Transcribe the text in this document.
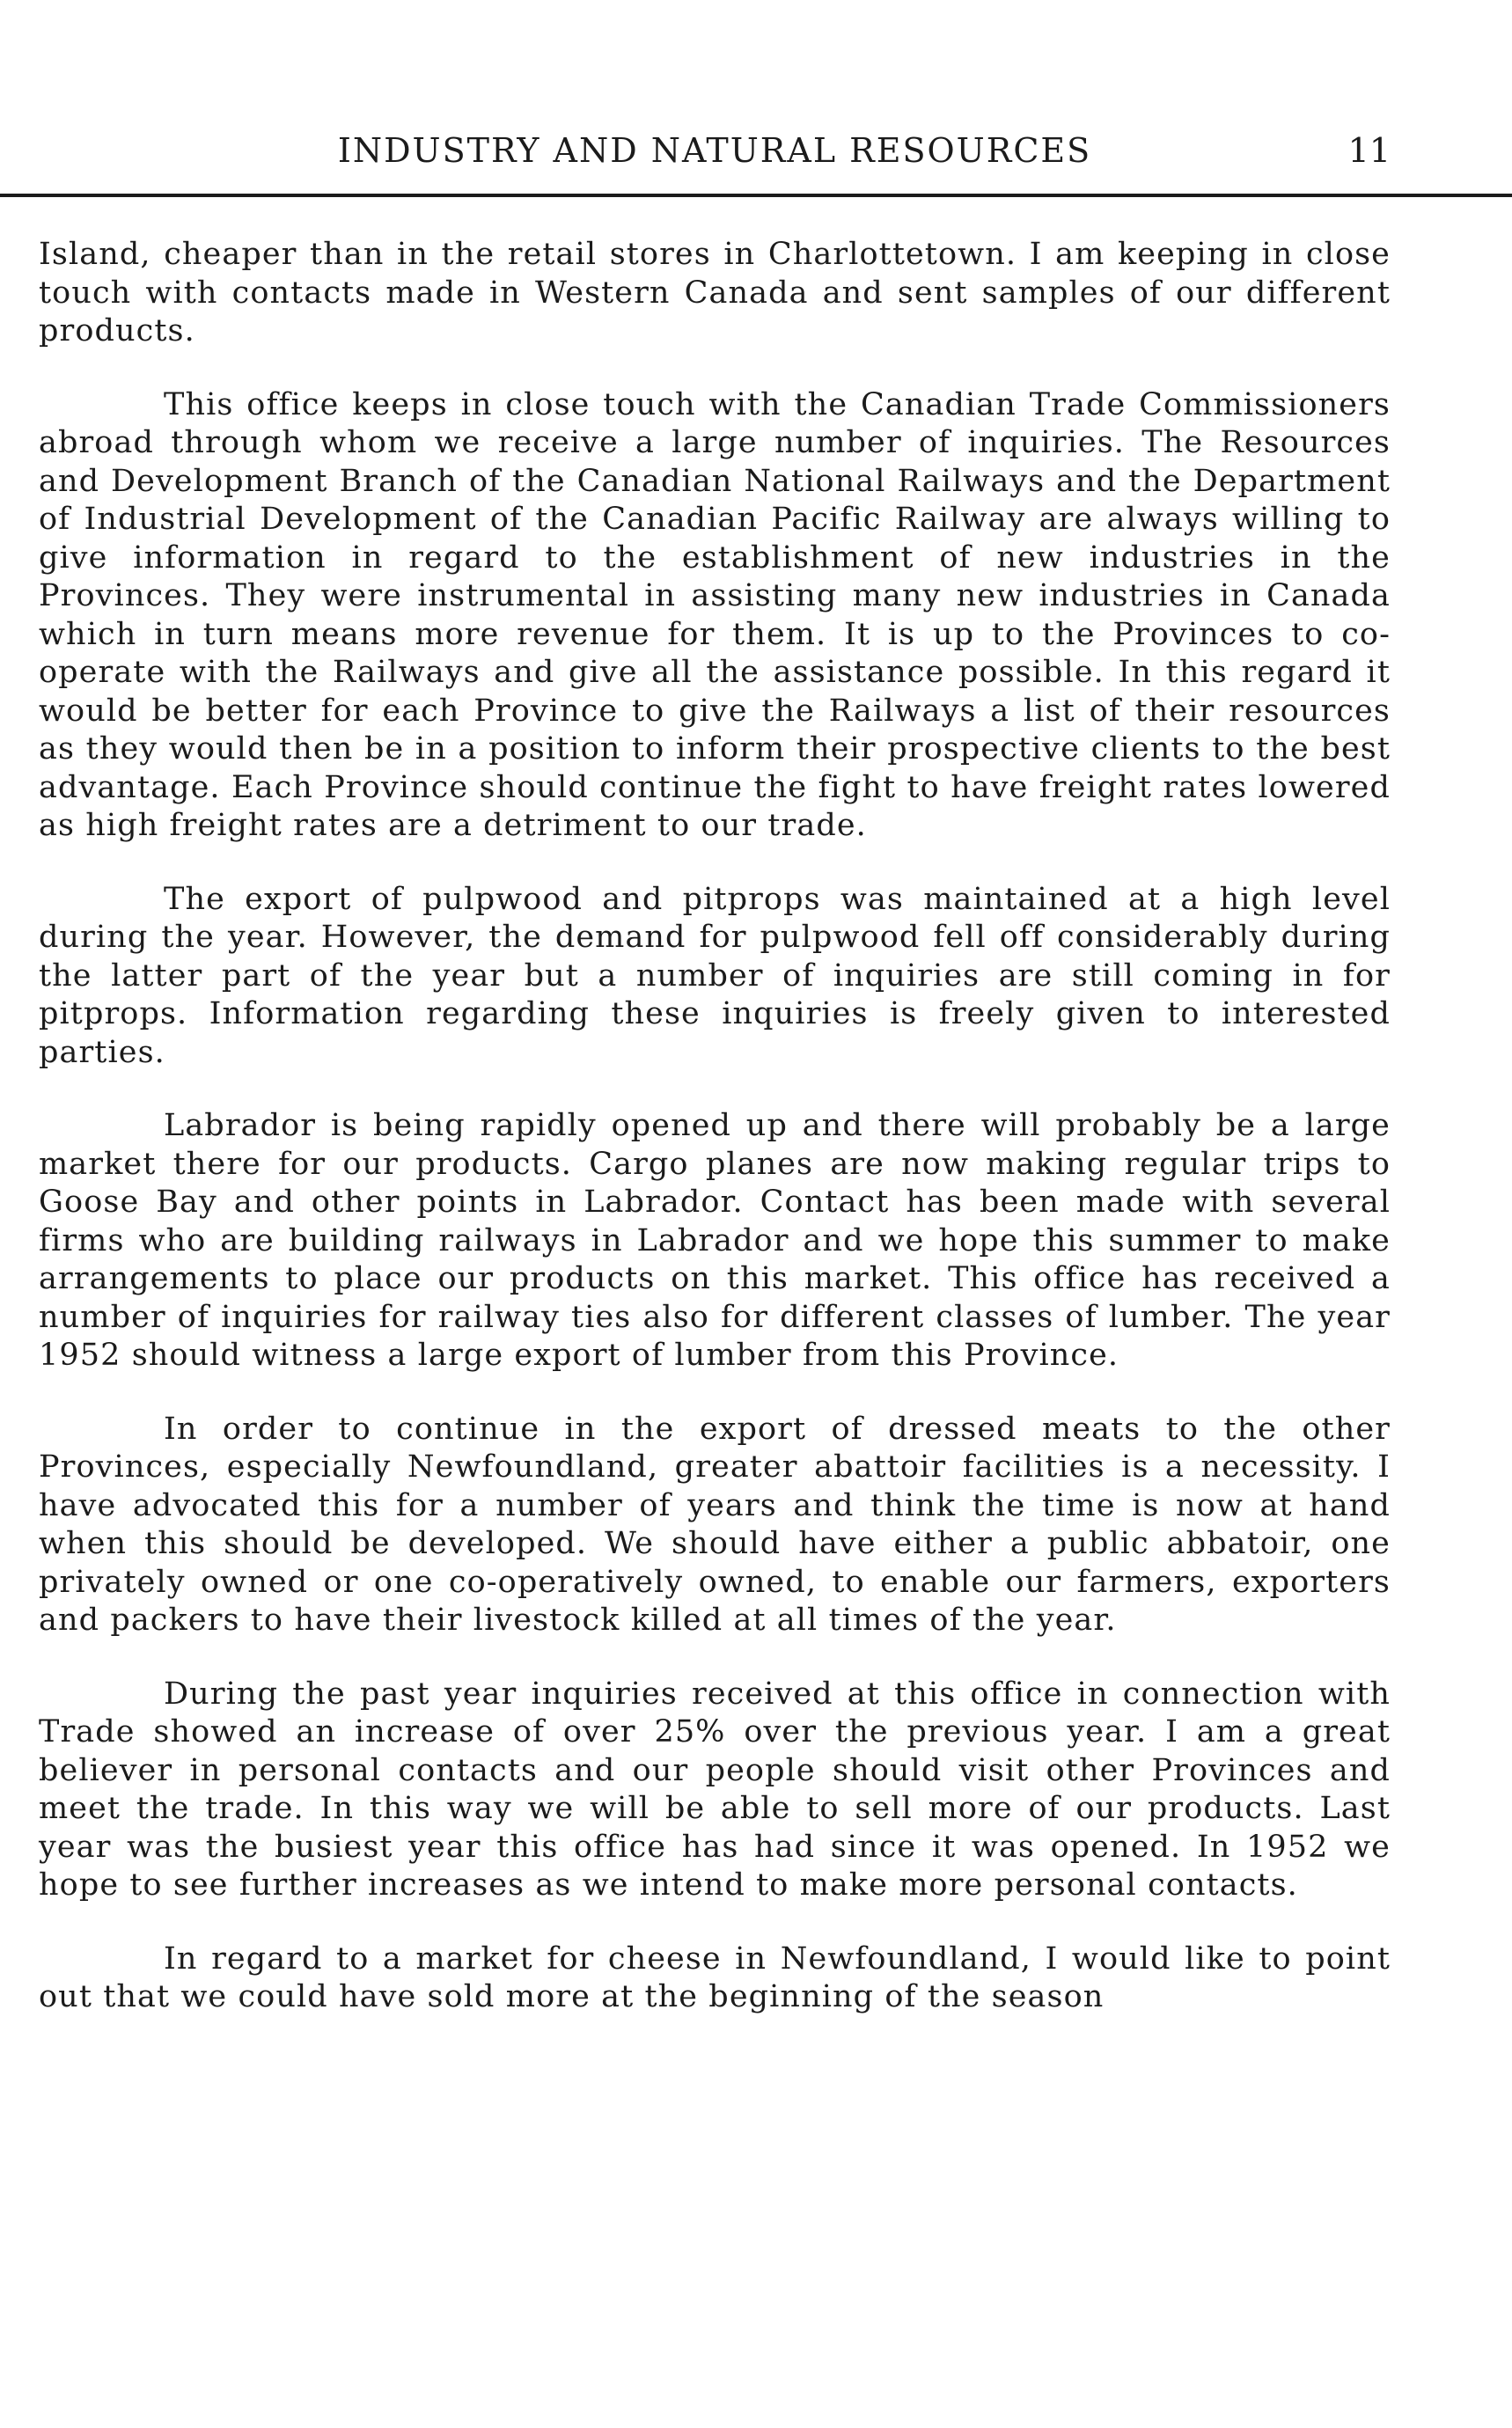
INDUSTRY AND NATURAL RESOURCES	11

Island, cheaper than in the retail stores in Charlottetown. I am keeping in close touch with contacts made in Western Canada and sent samples of our different products.

This office keeps in close touch with the Canadian Trade Commissioners abroad through whom we receive a large number of inquiries. The Resources and Development Branch of the Canadian National Railways and the Department of Industrial Development of the Canadian Pacific Railway are always willing to give information in regard to the establishment of new industries in the Provinces. They were instrumental in assisting many new industries in Canada which in turn means more revenue for them. It is up to the Provinces to co-operate with the Railways and give all the assistance possible. In this regard it would be better for each Province to give the Railways a list of their resources as they would then be in a position to inform their prospective clients to the best advantage. Each Province should continue the fight to have freight rates lowered as high freight rates are a detriment to our trade.

The export of pulpwood and pitprops was maintained at a high level during the year. However, the demand for pulpwood fell off considerably during the latter part of the year but a number of inquiries are still coming in for pitprops. Information regarding these inquiries is freely given to interested parties.

Labrador is being rapidly opened up and there will probably be a large market there for our products. Cargo planes are now making regular trips to Goose Bay and other points in Labrador. Contact has been made with several firms who are building railways in Labrador and we hope this summer to make arrangements to place our products on this market. This office has received a number of inquiries for railway ties also for different classes of lumber. The year 1952 should witness a large export of lumber from this Province.

In order to continue in the export of dressed meats to the other Provinces, especially Newfoundland, greater abattoir facilities is a necessity. I have advocated this for a number of years and think the time is now at hand when this should be developed. We should have either a public abbatoir, one privately owned or one co-operatively owned, to enable our farmers, exporters and packers to have their livestock killed at all times of the year.

During the past year inquiries received at this office in connection with Trade showed an increase of over 25% over the previous year. I am a great believer in personal contacts and our people should visit other Provinces and meet the trade. In this way we will be able to sell more of our products. Last year was the busiest year this office has had since it was opened. In 1952 we hope to see further increases as we intend to make more personal contacts.

In regard to a market for cheese in Newfoundland, I would like to point out that we could have sold more at the beginning of the season
